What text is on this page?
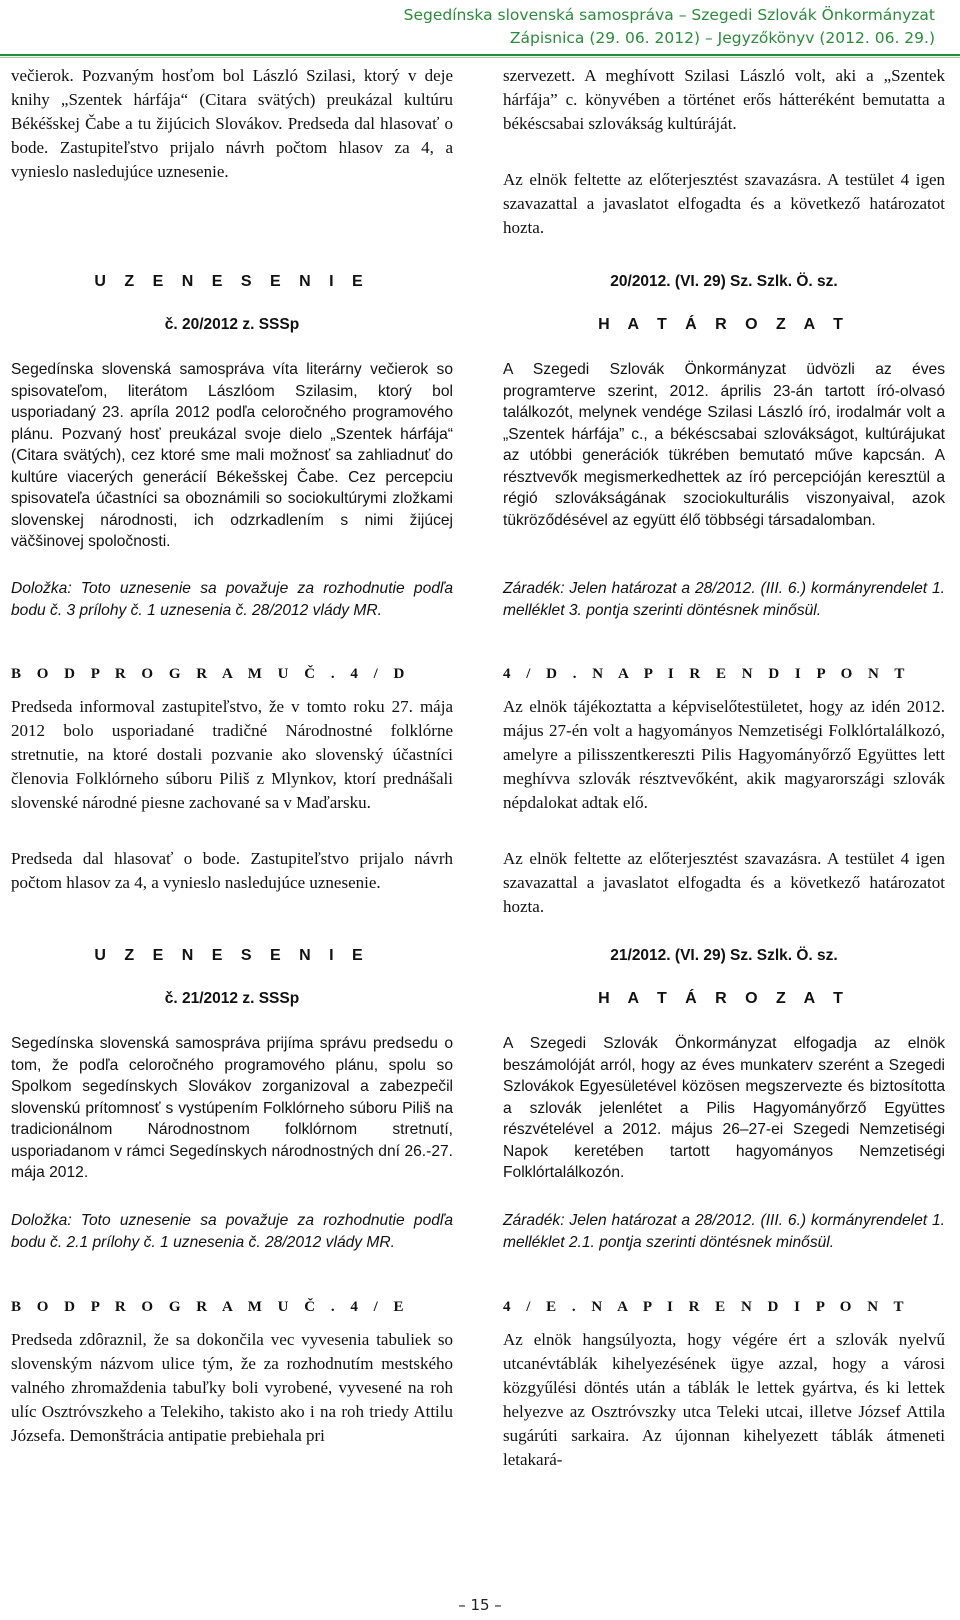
Segedínska slovenská samospráva – Szegedi Szlovák Önkormányzat
Zápisnica (29. 06. 2012) – Jegyzőkönyv (2012. 06. 29.)

večierok. Pozvaným hosťom bol László Szilasi, ktorý v deje knihy „Szentek hárfája“ (Citara svätých) preukázal kultúru Békéšskej Čabe a tu žijúcich Slovákov. Predseda dal hlasovať o bode. Zastupiteľstvo prijalo návrh počtom hlasov za 4, a vynieslo nasledujúce uznesenie.

U Z E N E S E N I E

č. 20/2012 z. SSSp

Segedínska slovenská samospráva víta literárny večierok so spisovateľom, literátom Lászlóom Szilasim, ktorý bol usporiadaný 23. apríla 2012 podľa celoročného programového plánu. Pozvaný hosť preukázal svoje dielo „Szentek hárfája“ (Citara svätých), cez ktoré sme mali možnosť sa zahliadnuť do kultúre viacerých generácií Békešskej Čabe. Cez percepciu spisovateľa účastníci sa oboznámili so sociokultúrymi zložkami slovenskej národnosti, ich odzrkadlením s nimi žijúcej väčšinovej spoločnosti.

Doložka: Toto uznesenie sa považuje za rozhodnutie podľa bodu č. 3 prílohy č. 1 uznesenia č. 28/2012 vlády MR.

B O D P R O G R A M U Č . 4 / D

Predseda informoval zastupiteľstvo, že v tomto roku 27. mája 2012 bolo usporiadané tradičné Národnostné folklórne stretnutie, na ktoré dostali pozvanie ako slovenský účastníci členovia Folklórneho súboru Piliš z Mlynkov, ktorí prednášali slovenské národné piesne zachované sa v Maďarsku.

Predseda dal hlasovať o bode. Zastupiteľstvo prijalo návrh počtom hlasov za 4, a vynieslo nasledujúce uznesenie.

U Z E N E S E N I E

č. 21/2012 z. SSSp

Segedínska slovenská samospráva prijíma správu predsedu o tom, že podľa celoročného programového plánu, spolu so Spolkom segedínskych Slovákov zorganizoval a zabezpečil slovenskú prítomnosť s vystúpením Folklórneho súboru Piliš na tradicionálnom Národnostnom folklórnom stretnutí, usporiadanom v rámci Segedínskych národnostných dní 26.-27. mája 2012.

Doložka: Toto uznesenie sa považuje za rozhodnutie podľa bodu č. 2.1 prílohy č. 1 uznesenia č. 28/2012 vlády MR.

B O D P R O G R A M U Č . 4 / E

Predseda zdôraznil, že sa dokončila vec vyvesenia tabuliek so slovenským názvom ulice tým, že za rozhodnutím mestského valného zhromaždenia tabuľky boli vyrobené, vyvesené na roh ulíc Osztróvszkeho a Telekiho, takisto ako i na roh triedy Attilu Józsefa. Demonštrácia antipatie prebiehala pri

szervezett. A meghívott Szilasi László volt, aki a „Szentek hárfája” c. könyvében a történet erős hátteréként bemutatta a békéscsabai szlovákság kultúráját.

Az elnök feltette az előterjesztést szavazásra. A testület 4 igen szavazattal a javaslatot elfogadta és a következő határozatot hozta.

20/2012. (VI. 29) Sz. Szlk. Ö. sz.

H A T Á R O Z A T

A Szegedi Szlovák Önkormányzat üdvözli az éves programterve szerint, 2012. április 23-án tartott író-olvasó találkozót, melynek vendége Szilasi László író, irodalmár volt a „Szentek hárfája” c., a békéscsabai szlovákságot, kultúrájukat az utóbbi generációk tükrében bemutató műve kapcsán. A résztvevők megismerkedhettek az író percepcióján keresztül a régió szlovákságának szociokulturális viszonyaival, azok tükröződésével az együtt élő többségi társadalomban.

Záradék: Jelen határozat a 28/2012. (III. 6.) kormányrendelet 1. melléklet 3. pontja szerinti döntésnek minősül.

4 / D . N A P I R E N D I P O N T

Az elnök tájékoztatta a képviselőtestületet, hogy az idén 2012. május 27-én volt a hagyományos Nemzetiségi Folklórtalálkozó, amelyre a pilisszentkereszti Pilis Hagyományőrző Együttes lett meghívva szlovák résztvevőként, akik magyarországi szlovák népdalokat adtak elő.

Az elnök feltette az előterjesztést szavazásra. A testület 4 igen szavazattal a javaslatot elfogadta és a következő határozatot hozta.

21/2012. (VI. 29) Sz. Szlk. Ö. sz.

H A T Á R O Z A T

A Szegedi Szlovák Önkormányzat elfogadja az elnök beszámolóját arról, hogy az éves munkaterv szerént a Szegedi Szlovákok Egyesületével közösen megszervezte és biztosította a szlovák jelenlétet a Pilis Hagyományőrző Együttes részvételével a 2012. május 26–27-ei Szegedi Nemzetiségi Napok keretében tartott hagyományos Nemzetiségi Folklórtalálkozón.

Záradék: Jelen határozat a 28/2012. (III. 6.) kormányrendelet 1. melléklet 2.1. pontja szerinti döntésnek minősül.

4 / E . N A P I R E N D I P O N T

Az elnök hangsúlyozta, hogy végére ért a szlovák nyelvű utcanévtáblák kihelyezésének ügye azzal, hogy a városi közgyűlési döntés után a táblák le lettek gyártva, és ki lettek helyezve az Osztróvszky utca Teleki utcai, illetve József Attila sugárúti sarkaira. Az újonnan kihelyezett táblák átmeneti letakará-

– 15 –
